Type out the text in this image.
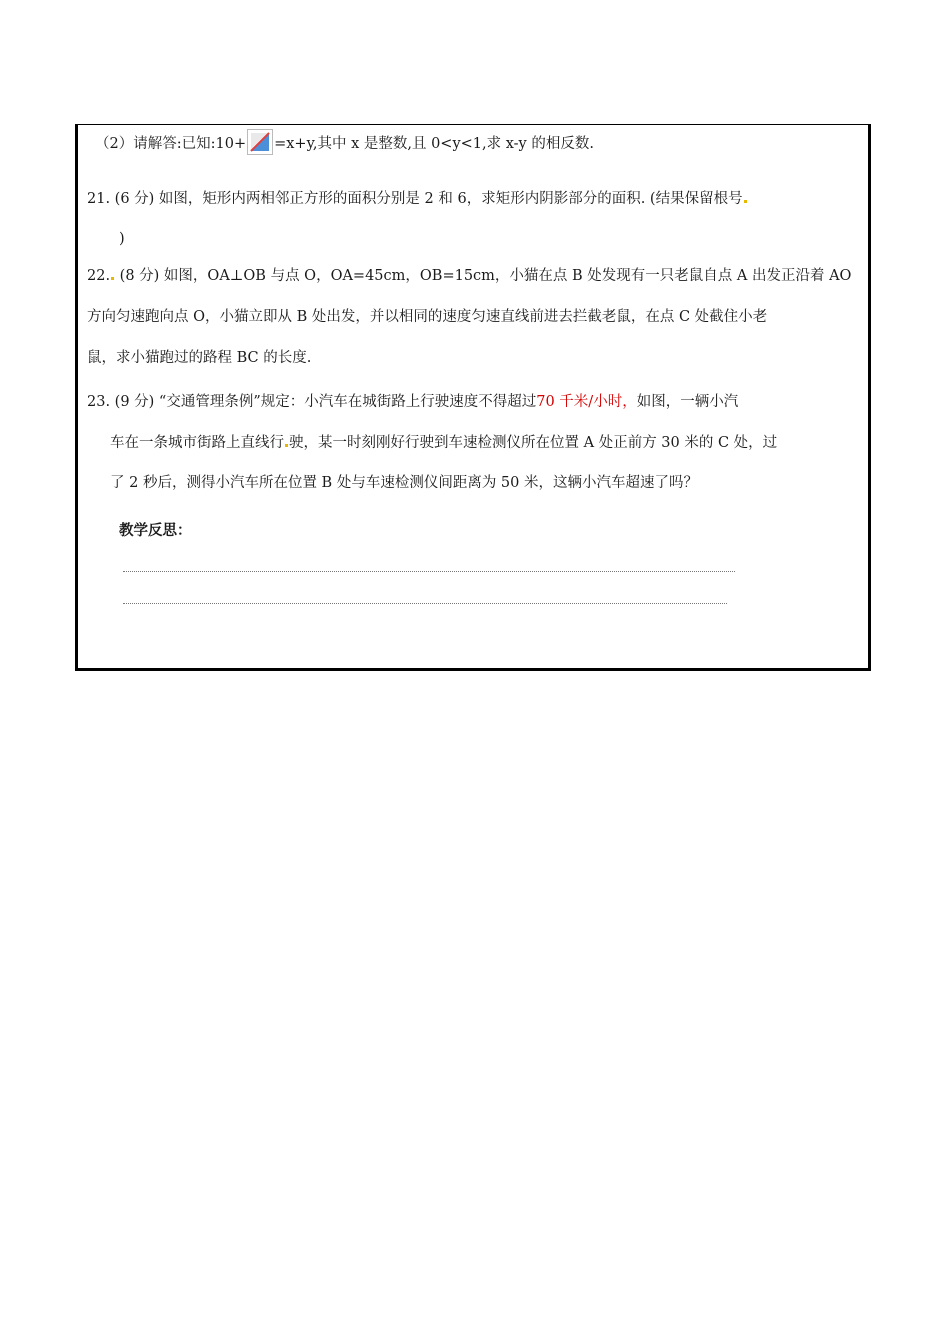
（2）请解答:已知:10+ =x+y,其中 x 是整数,且 0<y<1,求 x-y 的相反数.
21. (6 分) 如图，矩形内两相邻正方形的面积分别是 2 和 6，求矩形内阴影部分的面积. (结果保留根号
)
22. (8 分) 如图，OA⊥OB 与点 O，OA=45cm，OB=15cm，小猫在点 B 处发现有一只老鼠自点 A 出发正沿着 AO
方向匀速跑向点 O，小猫立即从 B 处出发，并以相同的速度匀速直线前进去拦截老鼠，在点 C 处截住小老
鼠，求小猫跑过的路程 BC 的长度.
23. (9 分) “交通管理条例”规定：小汽车在城街路上行驶速度不得超过70 千米/小时，如图，一辆小汽
车在一条城市街路上直线行 驶，某一时刻刚好行驶到车速检测仪所在位置 A 处正前方 30 米的 C 处，过
了 2 秒后，测得小汽车所在位置 B 处与车速检测仪间距离为 50 米，这辆小汽车超速了吗？
教学反思：
